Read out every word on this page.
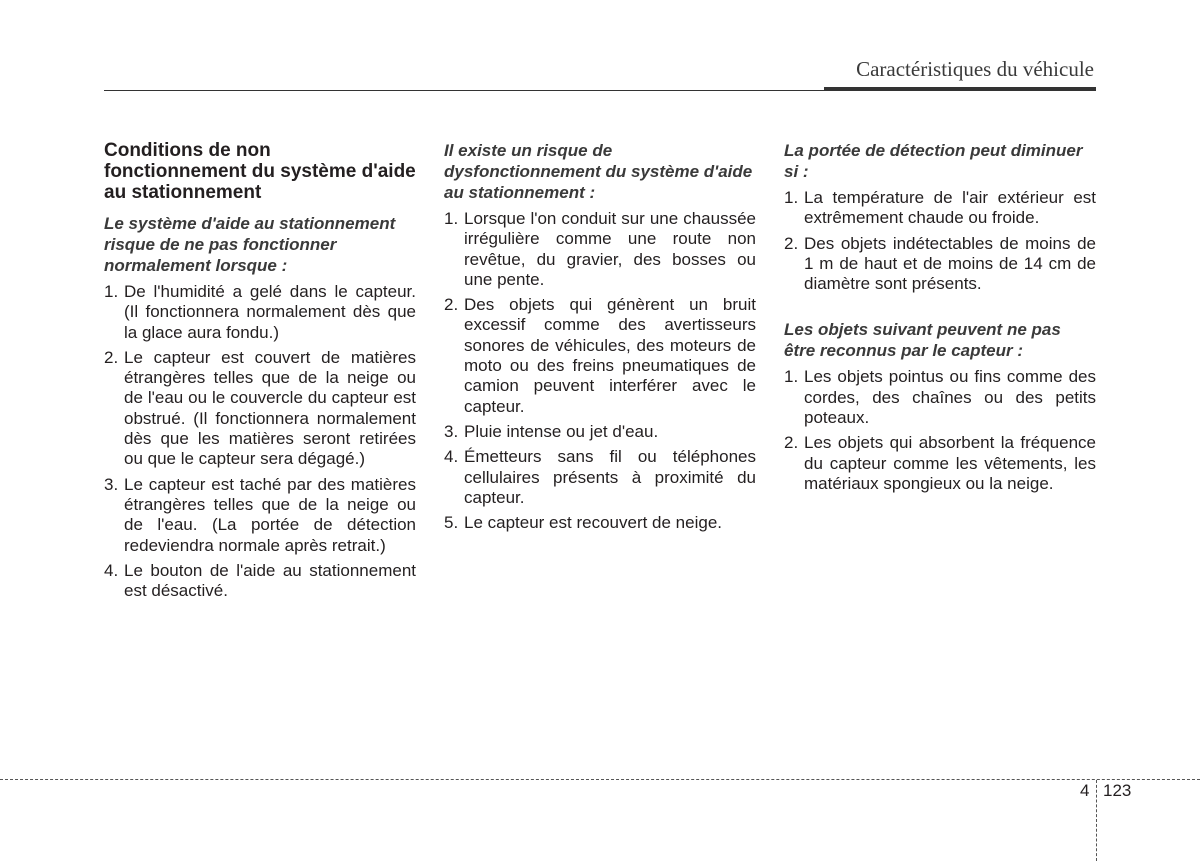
Caractéristiques du véhicule
Conditions de non fonctionnement du système d'aide au stationnement
Le système d'aide au stationnement risque de ne pas fonctionner normalement lorsque :
1. De l'humidité a gelé dans le capteur. (Il fonctionnera normalement dès que la glace aura fondu.)
2. Le capteur est couvert de matières étrangères telles que de la neige ou de l'eau ou le couvercle du capteur est obstrué. (Il fonctionnera normalement dès que les matières seront retirées ou que le capteur sera dégagé.)
3. Le capteur est taché par des matières étrangères telles que de la neige ou de l'eau. (La portée de détection redeviendra normale après retrait.)
4. Le bouton de l'aide au stationnement est désactivé.
Il existe un risque de dysfonctionnement du système d'aide au stationnement :
1. Lorsque l'on conduit sur une chaussée irrégulière comme une route non revêtue, du gravier, des bosses ou une pente.
2. Des objets qui génèrent un bruit excessif comme des avertisseurs sonores de véhicules, des moteurs de moto ou des freins pneumatiques de camion peuvent interférer avec le capteur.
3. Pluie intense ou jet d'eau.
4. Émetteurs sans fil ou téléphones cellulaires présents à proximité du capteur.
5. Le capteur est recouvert de neige.
La portée de détection peut diminuer si :
1. La température de l'air extérieur est extrêmement chaude ou froide.
2. Des objets indétectables de moins de 1 m de haut et de moins de 14 cm de diamètre sont présents.
Les objets suivant peuvent ne pas être reconnus par le capteur :
1. Les objets pointus ou fins comme des cordes, des chaînes ou des petits poteaux.
2. Les objets qui absorbent la fréquence du capteur comme les vêtements, les matériaux spongieux ou la neige.
4 123
